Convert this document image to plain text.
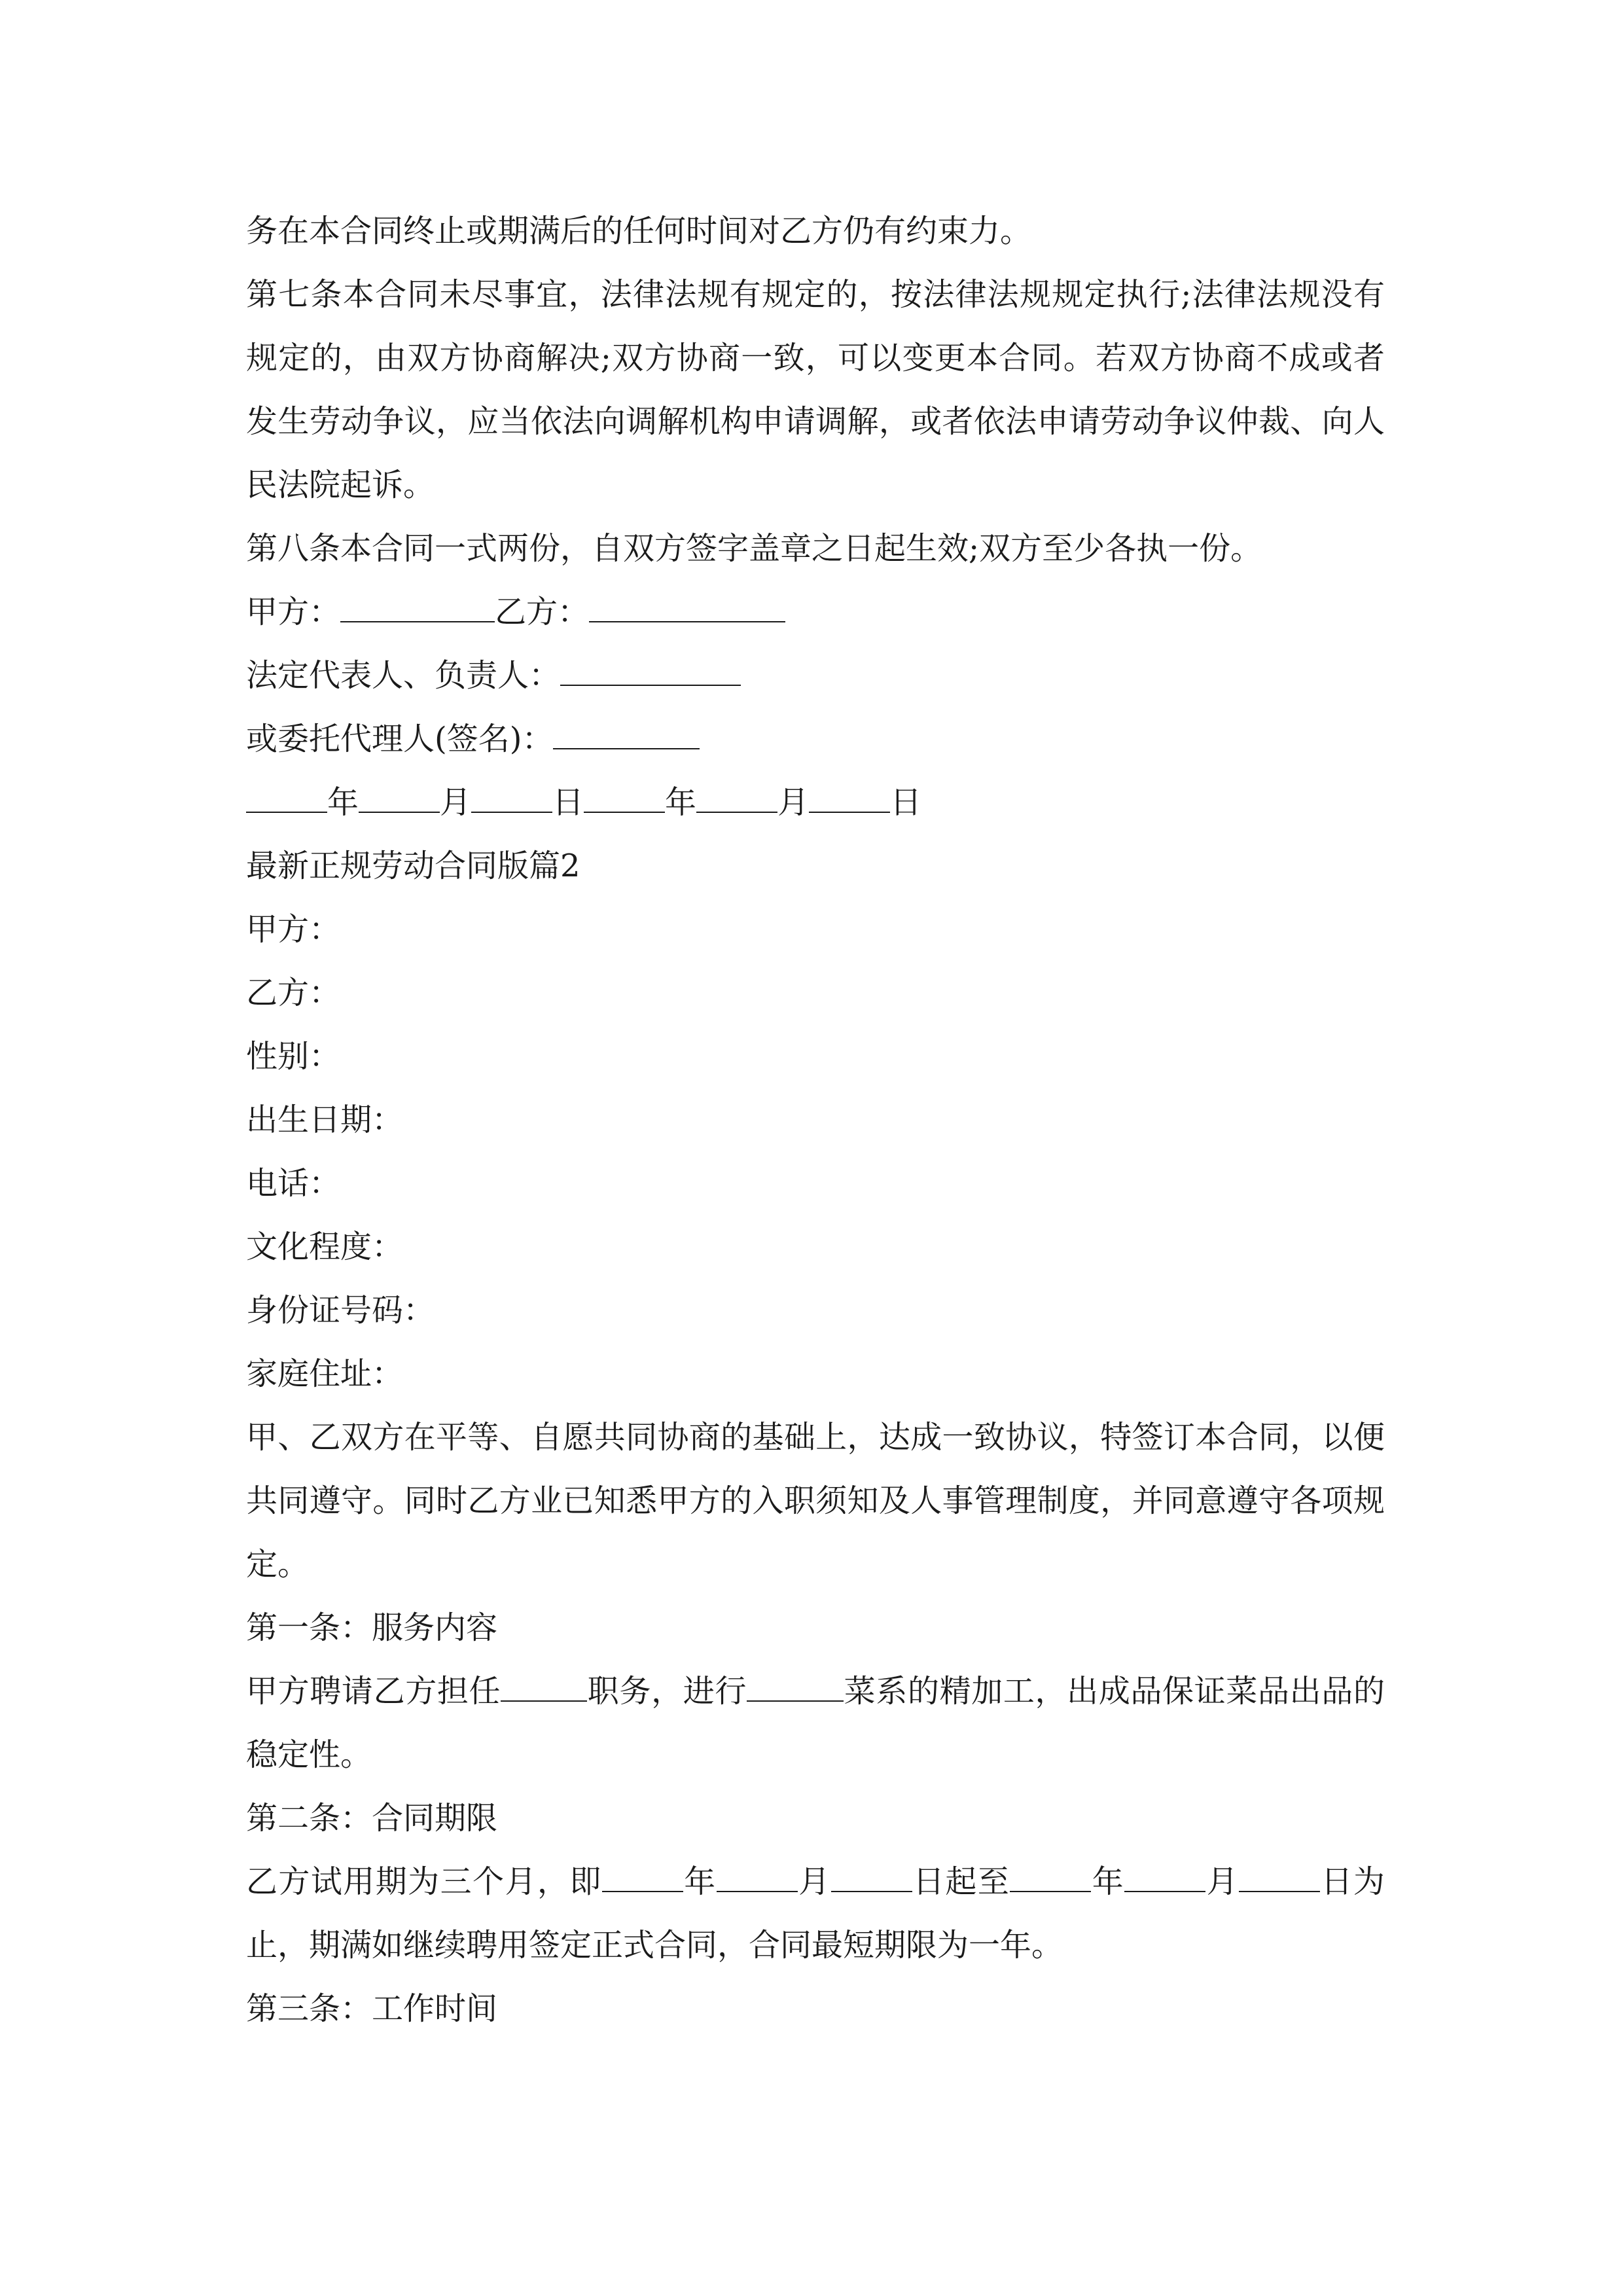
务在本合同终止或期满后的任何时间对乙方仍有约束力。
第七条本合同未尽事宜，法律法规有规定的，按法律法规规定执行;法律法规没有规定的，由双方协商解决;双方协商一致，可以变更本合同。若双方协商不成或者发生劳动争议，应当依法向调解机构申请调解，或者依法申请劳动争议仲裁、向人民法院起诉。
第八条本合同一式两份，自双方签字盖章之日起生效;双方至少各执一份。
甲方：	乙方：
法定代表人、负责人：
或委托代理人(签名)：
年	月	日	年	月	日
最新正规劳动合同版篇2
甲方：
乙方：
性别：
出生日期：
电话：
文化程度：
身份证号码：
家庭住址：
甲、乙双方在平等、自愿共同协商的基础上，达成一致协议，特签订本合同，以便共同遵守。同时乙方业已知悉甲方的入职须知及人事管理制度，并同意遵守各项规定。
第一条：服务内容
甲方聘请乙方担任	职务，进行	菜系的精加工，出成品保证菜品出品的稳定性。
第二条：合同期限
乙方试用期为三个月，即	年	月	日起至	年	月	日为止，期满如继续聘用签定正式合同，合同最短期限为一年。
第三条：工作时间
